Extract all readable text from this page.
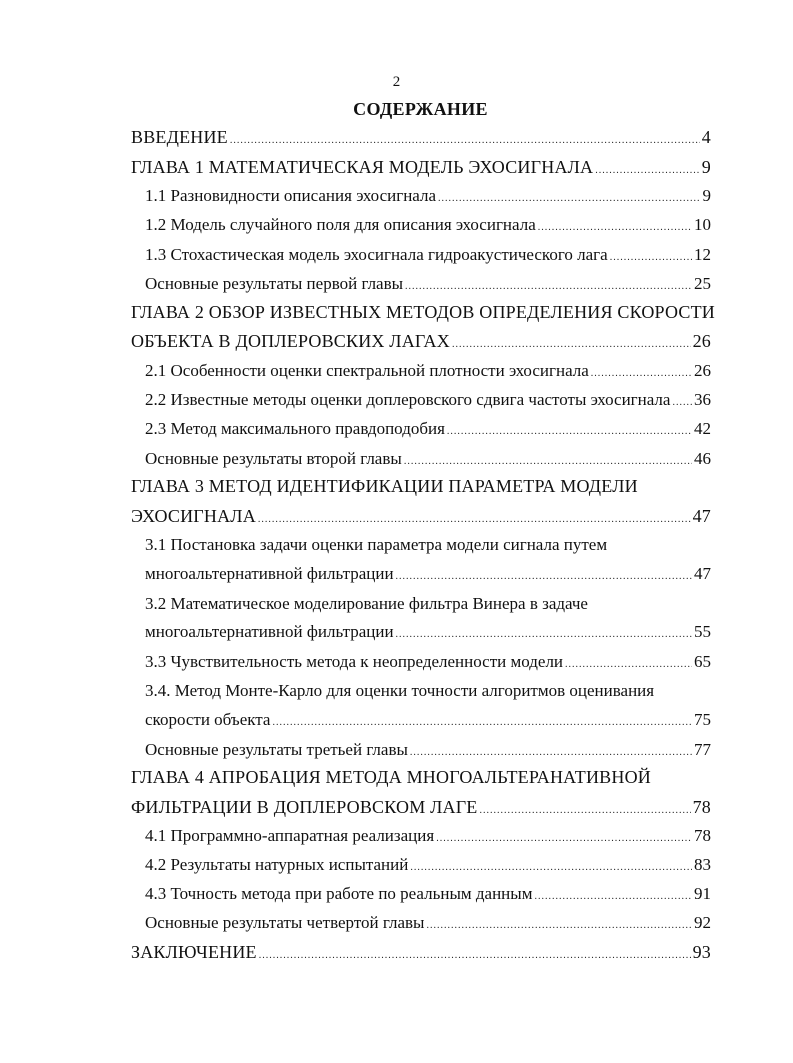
2
СОДЕРЖАНИЕ
ВВЕДЕНИЕ .....	4
ГЛАВА 1 МАТЕМАТИЧЕСКАЯ МОДЕЛЬ ЭХОСИГНАЛА .....	9
1.1 Разновидности описания эхосигнала .....	9
1.2 Модель случайного поля для описания эхосигнала .....	10
1.3 Стохастическая модель эхосигнала гидроакустического лага .....	12
Основные результаты первой главы .....	25
ГЛАВА 2 ОБЗОР ИЗВЕСТНЫХ МЕТОДОВ ОПРЕДЕЛЕНИЯ СКОРОСТИ
ОБЪЕКТА В ДОПЛЕРОВСКИХ ЛАГАХ .....	26
2.1 Особенности оценки спектральной плотности эхосигнала .....	26
2.2 Известные методы оценки доплеровского сдвига частоты эхосигнала ..... 36
2.3 Метод максимального правдоподобия .....	42
Основные результаты второй главы .....	46
ГЛАВА 3 МЕТОД ИДЕНТИФИКАЦИИ ПАРАМЕТРА МОДЕЛИ
ЭХОСИГНАЛА .....	47
3.1 Постановка задачи оценки параметра модели сигнала путем
многоальтернативной фильтрации .....	47
3.2 Математическое моделирование фильтра Винера в задаче
многоальтернативной фильтрации .....	55
3.3 Чувствительность метода к неопределенности модели .....	65
3.4. Метод Монте-Карло для оценки точности алгоритмов оценивания
скорости объекта .....	75
Основные результаты третьей главы .....	77
ГЛАВА 4 АПРОБАЦИЯ МЕТОДА МНОГОАЛЬТЕРАНАТИВНОЙ
ФИЛЬТРАЦИИ В ДОПЛЕРОВСКОМ ЛАГЕ .....	78
4.1 Программно-аппаратная реализация .....	78
4.2 Результаты натурных испытаний .....	83
4.3 Точность метода при работе по реальным данным .....	91
Основные результаты четвертой главы .....	92
ЗАКЛЮЧЕНИЕ .....	93
